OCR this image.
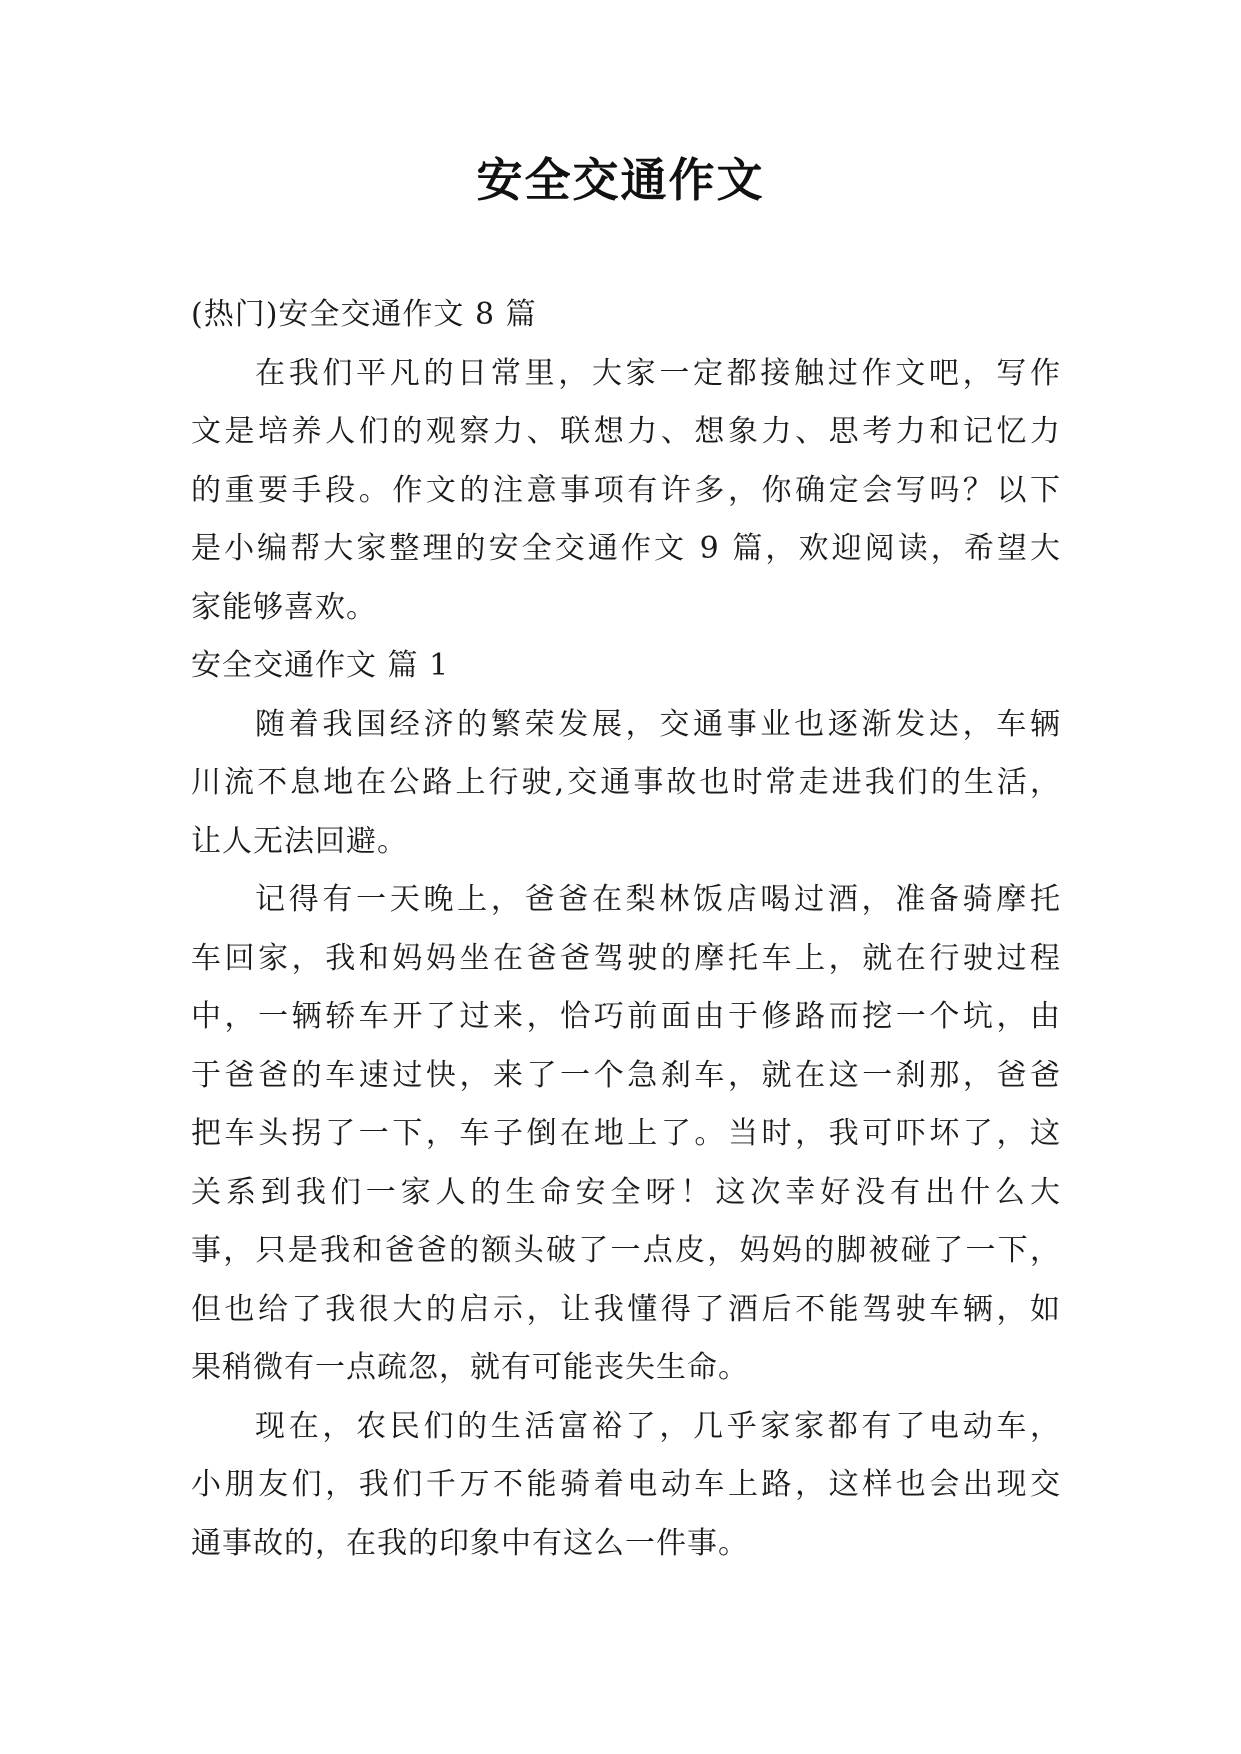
安全交通作文
(热门)安全交通作文 8 篇
在我们平凡的日常里，大家一定都接触过作文吧，写作
文是培养人们的观察力、联想力、想象力、思考力和记忆力
的重要手段。作文的注意事项有许多，你确定会写吗？以下
是小编帮大家整理的安全交通作文 9 篇，欢迎阅读，希望大
家能够喜欢。
安全交通作文 篇 1
随着我国经济的繁荣发展，交通事业也逐渐发达，车辆
川流不息地在公路上行驶,交通事故也时常走进我们的生活，
让人无法回避。
记得有一天晚上，爸爸在梨林饭店喝过酒，准备骑摩托
车回家，我和妈妈坐在爸爸驾驶的摩托车上，就在行驶过程
中，一辆轿车开了过来，恰巧前面由于修路而挖一个坑，由
于爸爸的车速过快，来了一个急刹车，就在这一刹那，爸爸
把车头拐了一下，车子倒在地上了。当时，我可吓坏了，这
关系到我们一家人的生命安全呀！这次幸好没有出什么大
事，只是我和爸爸的额头破了一点皮，妈妈的脚被碰了一下，
但也给了我很大的启示，让我懂得了酒后不能驾驶车辆，如
果稍微有一点疏忽，就有可能丧失生命。
现在，农民们的生活富裕了，几乎家家都有了电动车，
小朋友们，我们千万不能骑着电动车上路，这样也会出现交
通事故的，在我的印象中有这么一件事。
